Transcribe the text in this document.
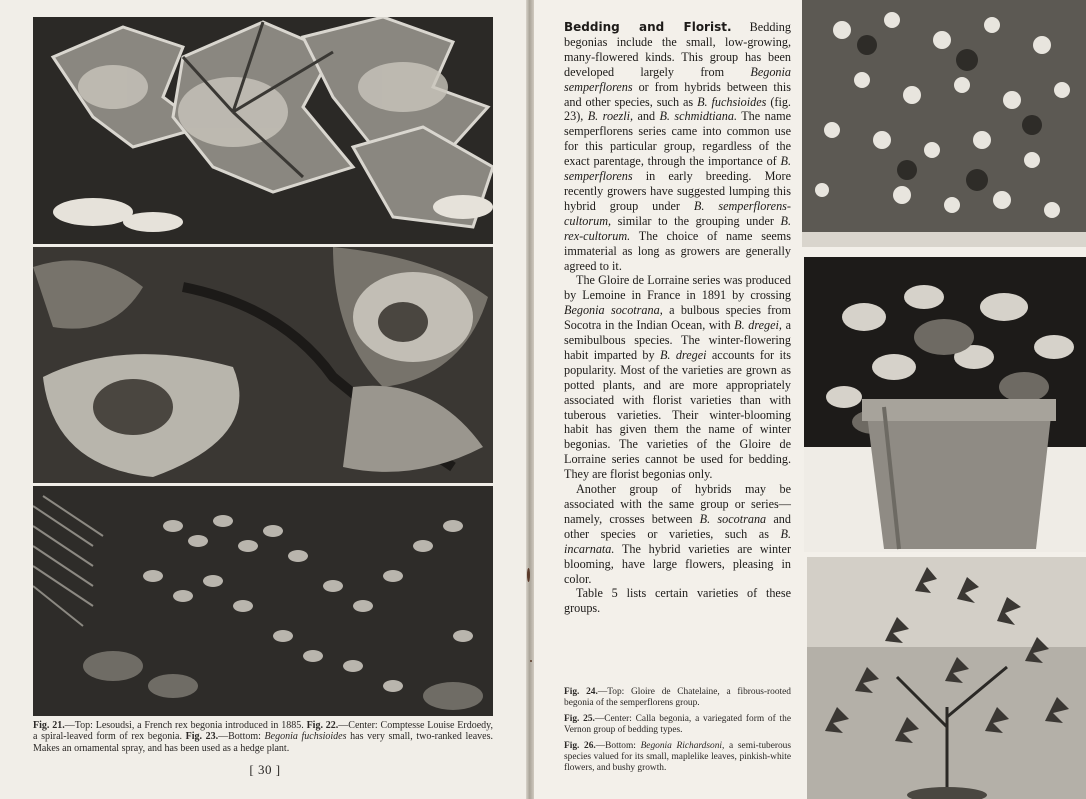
Fig. 21.—Top: Lesoudsi, a French rex begonia introduced in 1885. Fig. 22.—Center: Comptesse Louise Erdoedy, a spiral-leaved form of rex begonia. Fig. 23.—Bottom: Begonia fuchsioides has very small, two-ranked leaves. Makes an ornamental spray, and has been used as a hedge plant.
[ 30 ]

Bedding and Florist. Bedding begonias include the small, low-growing, many-flowered kinds. This group has been developed largely from Begonia semperflorens or from hybrids between this and other species, such as B. fuchsioides (fig. 23), B. roezli, and B. schmidtiana. The name semperflorens series came into common use for this particular group, regardless of the exact parentage, through the importance of B. semperflorens in early breeding. More recently growers have suggested lumping this hybrid group under B. semperflorens-cultorum, similar to the grouping under B. rex-cultorum. The choice of name seems immaterial as long as growers are generally agreed to it.

The Gloire de Lorraine series was produced by Lemoine in France in 1891 by crossing Begonia socotrana, a bulbous species from Socotra in the Indian Ocean, with B. dregei, a semibulbous species. The winter-flowering habit imparted by B. dregei accounts for its popularity. Most of the varieties are grown as potted plants, and are more appropriately associated with florist varieties than with tuberous varieties. Their winter-blooming habit has given them the name of winter begonias. The varieties of the Gloire de Lorraine series cannot be used for bedding. They are florist begonias only.

Another group of hybrids may be associated with the same group or series—namely, crosses between B. socotrana and other species or varieties, such as B. incarnata. The hybrid varieties are winter blooming, have large flowers, pleasing in color.

Table 5 lists certain varieties of these groups.

Fig. 24.—Top: Gloire de Chatelaine, a fibrous-rooted begonia of the semperflorens group.

Fig. 25.—Center: Calla begonia, a variegated form of the Vernon group of bedding types.

Fig. 26.—Bottom: Begonia Richardsoni, a semi-tuberous species valued for its small, maplelike leaves, pinkish-white flowers, and bushy growth.
